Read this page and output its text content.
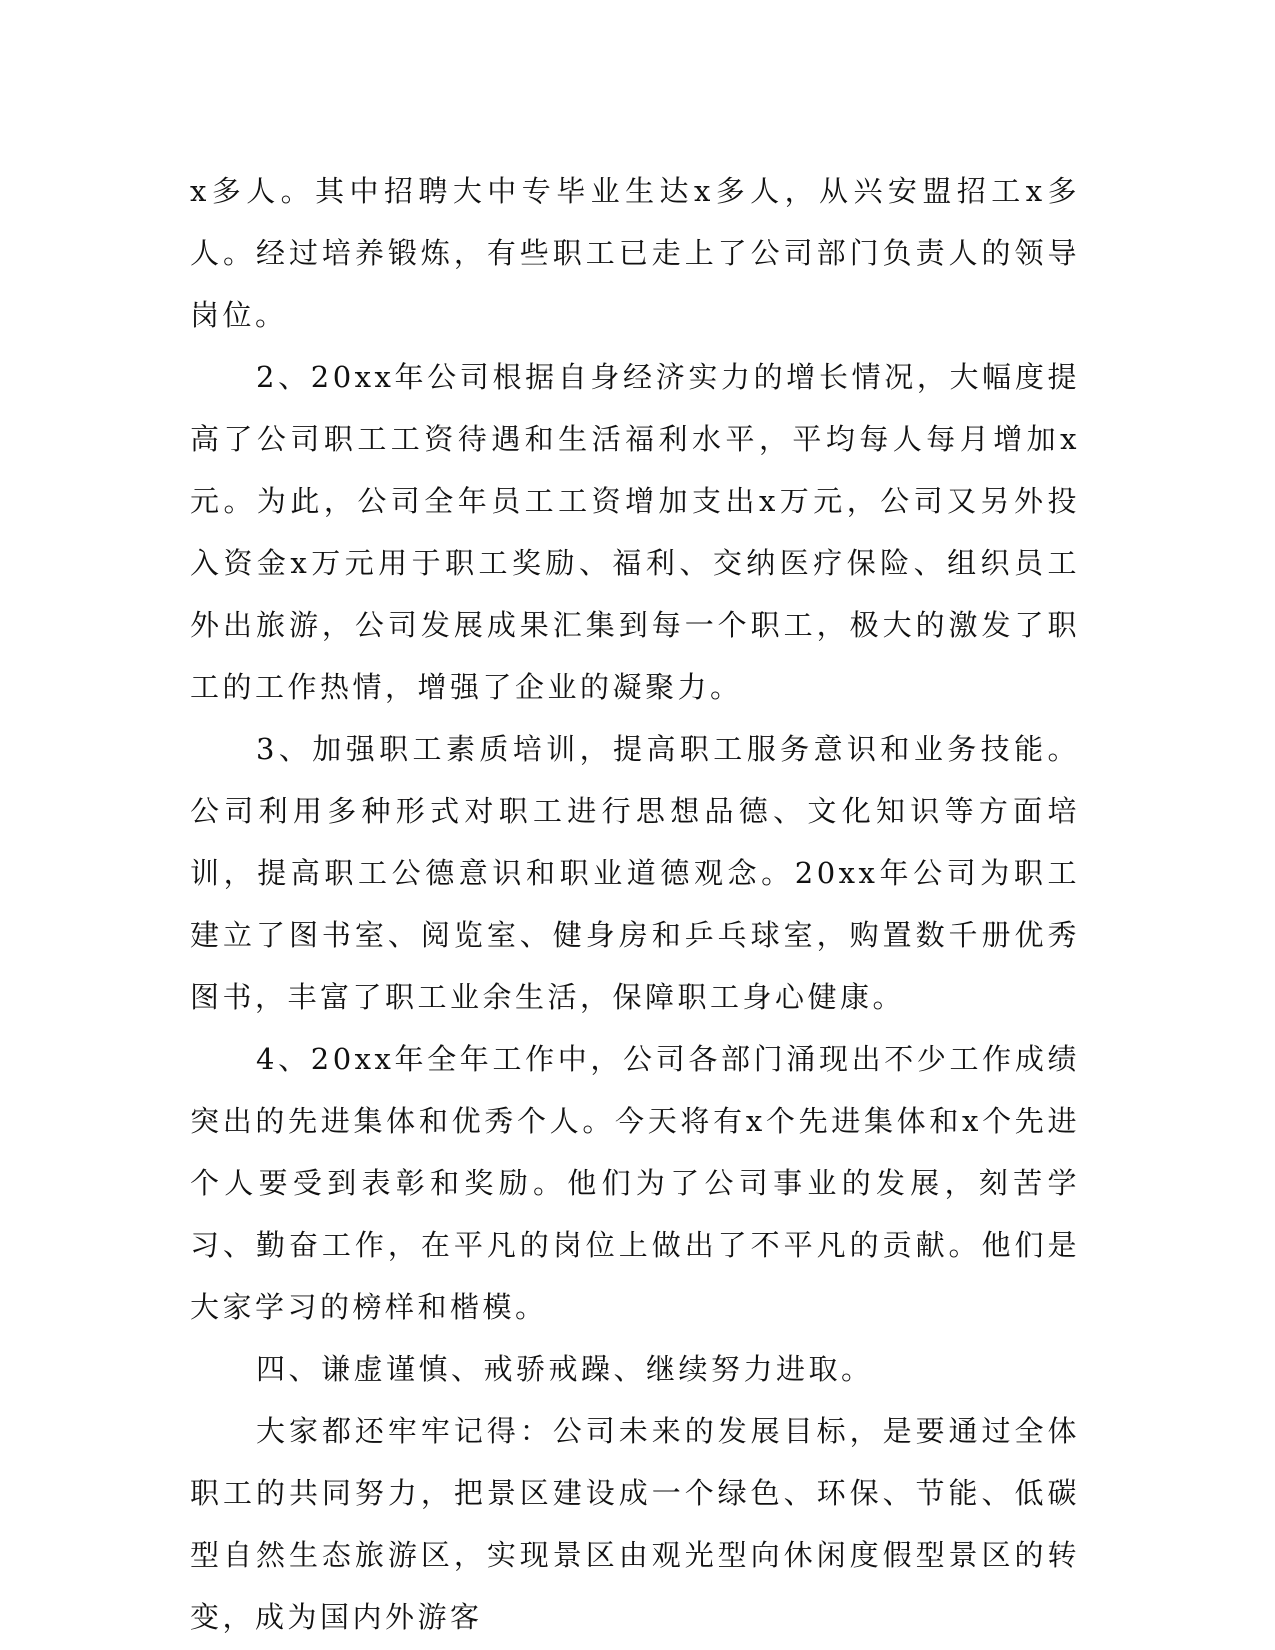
x多人。其中招聘大中专毕业生达x多人，从兴安盟招工x多人。经过培养锻炼，有些职工已走上了公司部门负责人的领导岗位。

2、20xx年公司根据自身经济实力的增长情况，大幅度提高了公司职工工资待遇和生活福利水平，平均每人每月增加x元。为此，公司全年员工工资增加支出x万元，公司又另外投入资金x万元用于职工奖励、福利、交纳医疗保险、组织员工外出旅游，公司发展成果汇集到每一个职工，极大的激发了职工的工作热情，增强了企业的凝聚力。

3、加强职工素质培训，提高职工服务意识和业务技能。公司利用多种形式对职工进行思想品德、文化知识等方面培训，提高职工公德意识和职业道德观念。20xx年公司为职工建立了图书室、阅览室、健身房和乒乓球室，购置数千册优秀图书，丰富了职工业余生活，保障职工身心健康。

4、20xx年全年工作中，公司各部门涌现出不少工作成绩突出的先进集体和优秀个人。今天将有x个先进集体和x个先进个人要受到表彰和奖励。他们为了公司事业的发展，刻苦学习、勤奋工作，在平凡的岗位上做出了不平凡的贡献。他们是大家学习的榜样和楷模。

四、谦虚谨慎、戒骄戒躁、继续努力进取。

大家都还牢牢记得：公司未来的发展目标，是要通过全体职工的共同努力，把景区建设成一个绿色、环保、节能、低碳型自然生态旅游区，实现景区由观光型向休闲度假型景区的转变，成为国内外游客
